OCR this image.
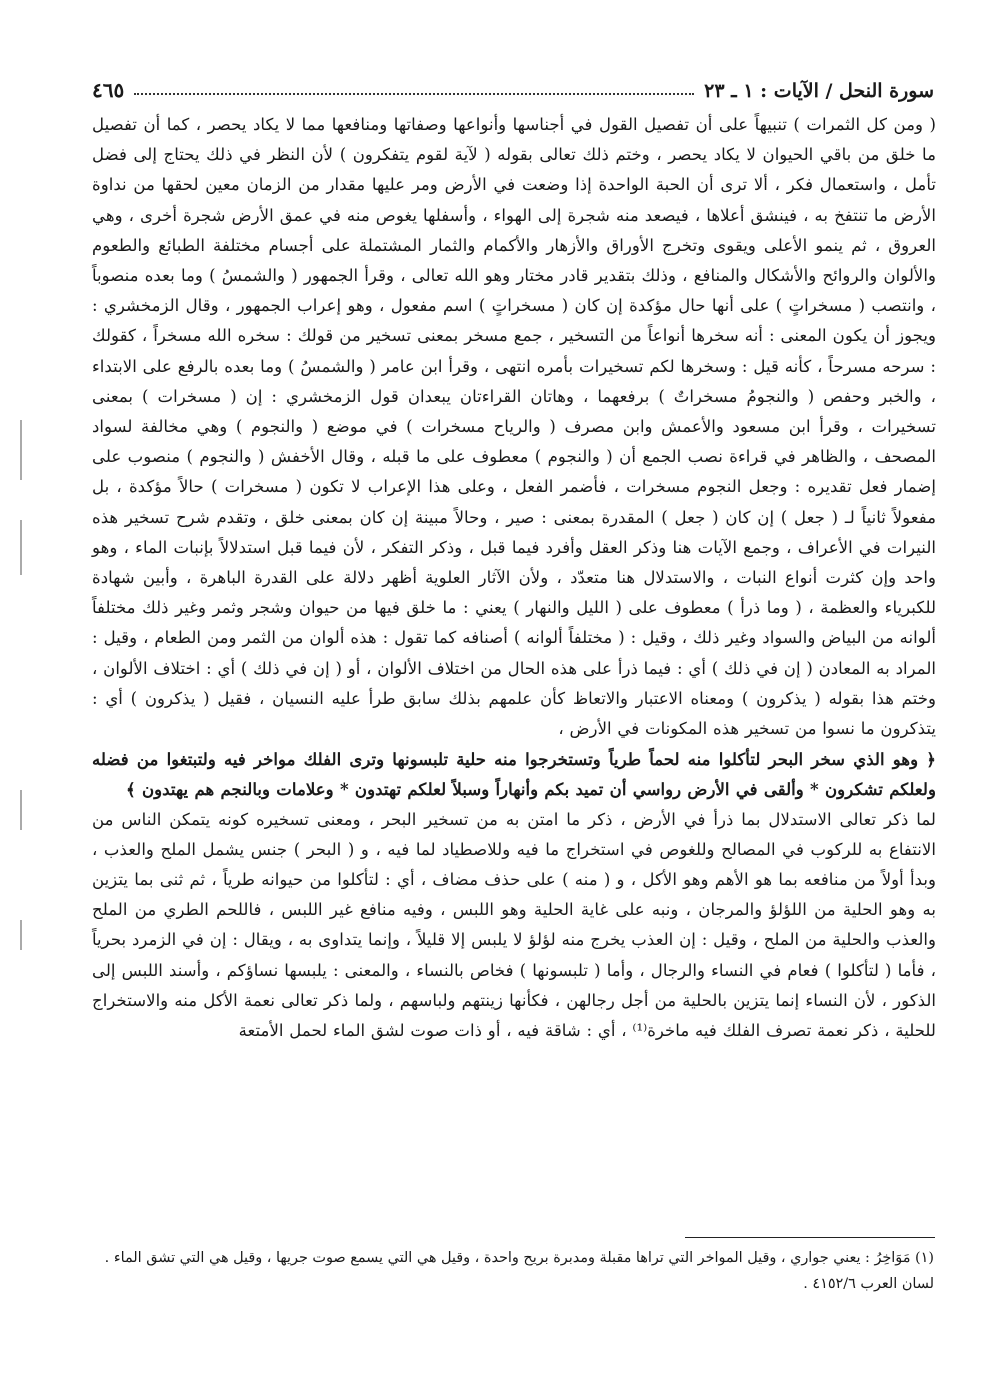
سورة النحل / الآيات : ١ ـ ٢٣
٤٦٥

( ومن كل الثمرات ) تنبيهاً على أن تفصيل القول في أجناسها وأنواعها وصفاتها ومنافعها مما لا يكاد يحصر ، كما أن تفصيل ما خلق من باقي الحيوان لا يكاد يحصر ، وختم ذلك تعالى بقوله ( لآية لقوم يتفكرون ) لأن النظر في ذلك يحتاج إلى فضل تأمل ، واستعمال فكر ، ألا ترى أن الحبة الواحدة إذا وضعت في الأرض ومر عليها مقدار من الزمان معين لحقها من نداوة الأرض ما تنتفخ به ، فينشق أعلاها ، فيصعد منه شجرة إلى الهواء ، وأسفلها يغوص منه في عمق الأرض شجرة أخرى ، وهي العروق ، ثم ينمو الأعلى ويقوى وتخرج الأوراق والأزهار والأكمام والثمار المشتملة على أجسام مختلفة الطبائع والطعوم والألوان والروائح والأشكال والمنافع ، وذلك بتقدير قادر مختار وهو الله تعالى ، وقرأ الجمهور ( والشمسُ ) وما بعده منصوباً ، وانتصب ( مسخراتٍ ) على أنها حال مؤكدة إن كان ( مسخراتٍ ) اسم مفعول ، وهو إعراب الجمهور ، وقال الزمخشري : ويجوز أن يكون المعنى : أنه سخرها أنواعاً من التسخير ، جمع مسخر بمعنى تسخير من قولك : سخره الله مسخراً ، كقولك : سرحه مسرحاً ، كأنه قيل : وسخرها لكم تسخيرات بأمره انتهى ، وقرأ ابن عامر ( والشمسُ ) وما بعده بالرفع على الابتداء ، والخبر وحفص ( والنجومُ مسخراتٌ ) برفعهما ، وهاتان القراءتان يبعدان قول الزمخشري : إن ( مسخرات ) بمعنى تسخيرات ، وقرأ ابن مسعود والأعمش وابن مصرف ( والرياح مسخرات ) في موضع ( والنجوم ) وهي مخالفة لسواد المصحف ، والظاهر في قراءة نصب الجمع أن ( والنجوم ) معطوف على ما قبله ، وقال الأخفش ( والنجوم ) منصوب على إضمار فعل تقديره : وجعل النجوم مسخرات ، فأضمر الفعل ، وعلى هذا الإعراب لا تكون ( مسخرات ) حالاً مؤكدة ، بل مفعولاً ثانياً لـ ( جعل ) إن كان ( جعل ) المقدرة بمعنى : صير ، وحالاً مبينة إن كان بمعنى خلق ، وتقدم شرح تسخير هذه النيرات في الأعراف ، وجمع الآيات هنا وذكر العقل وأفرد فيما قبل ، وذكر التفكر ، لأن فيما قبل استدلالاً بإنبات الماء ، وهو واحد وإن كثرت أنواع النبات ، والاستدلال هنا متعدّد ، ولأن الآثار العلوية أظهر دلالة على القدرة الباهرة ، وأبين شهادة للكبرياء والعظمة ، ( وما ذرأ ) معطوف على ( الليل والنهار ) يعني : ما خلق فيها من حيوان وشجر وثمر وغير ذلك مختلفاً ألوانه من البياض والسواد وغير ذلك ، وقيل : ( مختلفاً ألوانه ) أصنافه كما تقول : هذه ألوان من الثمر ومن الطعام ، وقيل : المراد به المعادن ( إن في ذلك ) أي : فيما ذرأ على هذه الحال من اختلاف الألوان ، أو ( إن في ذلك ) أي : اختلاف الألوان ، وختم هذا بقوله ( يذكرون ) ومعناه الاعتبار والاتعاظ كأن علمهم بذلك سابق طرأ عليه النسيان ، فقيل ( يذكرون ) أي : يتذكرون ما نسوا من تسخير هذه المكونات في الأرض ،

﴿ وهو الذي سخر البحر لتأكلوا منه لحماً طرياً وتستخرجوا منه حلية تلبسونها وترى الفلك مواخر فيه ولتبتغوا من فضله ولعلكم تشكرون * وألقى في الأرض رواسي أن تميد بكم وأنهاراً وسبلاً لعلكم تهتدون * وعلامات وبالنجم هم يهتدون ﴾

لما ذكر تعالى الاستدلال بما ذرأ في الأرض ، ذكر ما امتن به من تسخير البحر ، ومعنى تسخيره كونه يتمكن الناس من الانتفاع به للركوب في المصالح وللغوص في استخراج ما فيه وللاصطياد لما فيه ، و ( البحر ) جنس يشمل الملح والعذب ، وبدأ أولاً من منافعه بما هو الأهم وهو الأكل ، و ( منه ) على حذف مضاف ، أي : لتأكلوا من حيوانه طرياً ، ثم ثنى بما يتزين به وهو الحلية من اللؤلؤ والمرجان ، ونبه على غاية الحلية وهو اللبس ، وفيه منافع غير اللبس ، فاللحم الطري من الملح والعذب والحلية من الملح ، وقيل : إن العذب يخرج منه لؤلؤ لا يلبس إلا قليلاً ، وإنما يتداوى به ، ويقال : إن في الزمرد بحرياً ، فأما ( لتأكلوا ) فعام في النساء والرجال ، وأما ( تلبسونها ) فخاص بالنساء ، والمعنى : يلبسها نساؤكم ، وأسند اللبس إلى الذكور ، لأن النساء إنما يتزين بالحلية من أجل رجالهن ، فكأنها زينتهم ولباسهم ، ولما ذكر تعالى نعمة الأكل منه والاستخراج للحلية ، ذكر نعمة تصرف الفلك فيه ماخرة⁽¹⁾ ، أي : شاقة فيه ، أو ذات صوت لشق الماء لحمل الأمتعة

(١) مَوَاخِرُ : يعني جواري ، وقيل المواخر التي تراها مقبلة ومدبرة بريح واحدة ، وقيل هي التي يسمع صوت جريها ، وقيل هي التي تشق الماء .

لسان العرب ٤١٥٢/٦ .
